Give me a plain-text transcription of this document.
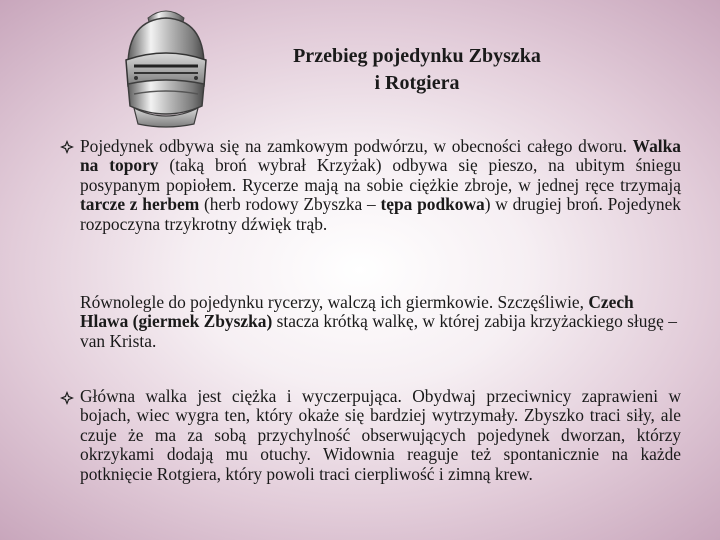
Przebieg pojedynku Zbyszka
i Rotgiera
Pojedynek odbywa się na zamkowym podwórzu, w obecności całego dworu. Walka na topory (taką broń wybrał Krzyżak) odbywa się pieszo, na ubitym śniegu posypanym popiołem. Rycerze mają na sobie ciężkie zbroje, w jednej ręce trzymają tarcze z herbem (herb rodowy Zbyszka – tępa podkowa) w drugiej broń. Pojedynek rozpoczyna trzykrotny dźwięk trąb.
Równolegle do pojedynku rycerzy, walczą ich giermkowie. Szczęśliwie, Czech Hlawa (giermek Zbyszka) stacza krótką walkę, w której zabija krzyżackiego sługę – van Krista.
Główna walka jest ciężka i wyczerpująca. Obydwaj przeciwnicy zaprawieni w bojach, wiec wygra ten, który okaże się bardziej wytrzymały. Zbyszko traci siły, ale czuje że ma za sobą przychylność obserwujących pojedynek dworzan, którzy okrzykami dodają mu otuchy. Widownia reaguje też spontanicznie na każde potknięcie Rotgiera, który powoli traci cierpliwość i zimną krew.
